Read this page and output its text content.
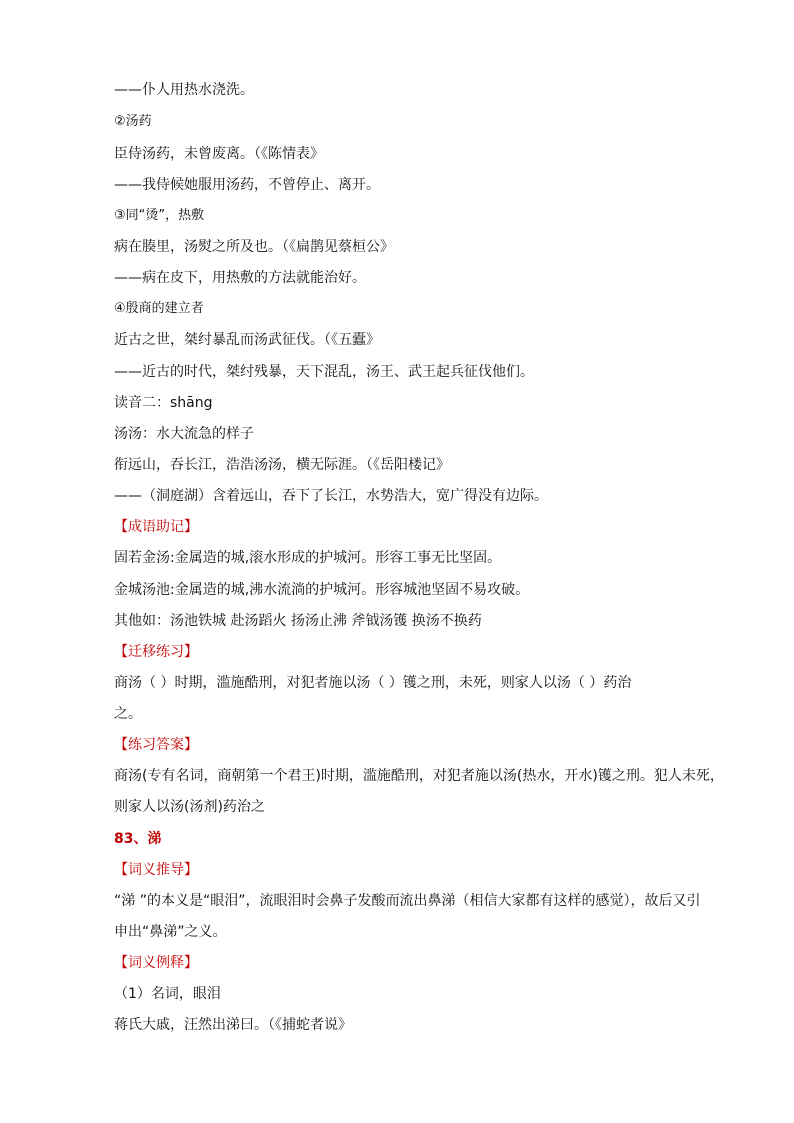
——仆人用热水浇洗。
②汤药
臣侍汤药，未曾废离。（《陈情表》
——我侍候她服用汤药，不曾停止、离开。
③同“烫”，热敷
病在腠里，汤熨之所及也。（《扁鹊见蔡桓公》
——病在皮下，用热敷的方法就能治好。
④殷商的建立者
近古之世，桀纣暴乱而汤武征伐。（《五蠹》
——近古的时代，桀纣残暴，天下混乱，汤王、武王起兵征伐他们。
读音二：shāng
汤汤：水大流急的样子
衔远山，吞长江，浩浩汤汤，横无际涯。（《岳阳楼记》
——（洞庭湖）含着远山，吞下了长江，水势浩大，宽广得没有边际。
【成语助记】
固若金汤:金属造的城,滚水形成的护城河。形容工事无比坚固。
金城汤池:金属造的城,沸水流淌的护城河。形容城池坚固不易攻破。
其他如：汤池铁城 赴汤蹈火 扬汤止沸 斧钺汤镬 换汤不换药
【迁移练习】
商汤（ ）时期，滥施酷刑，对犯者施以汤（ ）镬之刑，未死，则家人以汤（ ）药治
之。
【练习答案】
商汤(专有名词，商朝第一个君王)时期，滥施酷刑，对犯者施以汤(热水，开水)镬之刑。犯人未死，
则家人以汤(汤剂)药治之
83、涕
【词义推导】
“涕 ”的本义是“眼泪”，流眼泪时会鼻子发酸而流出鼻涕（相信大家都有这样的感觉），故后又引
申出“鼻涕”之义。
【词义例释】
（1）名词，眼泪
蒋氏大戚，汪然出涕曰。（《捕蛇者说》
